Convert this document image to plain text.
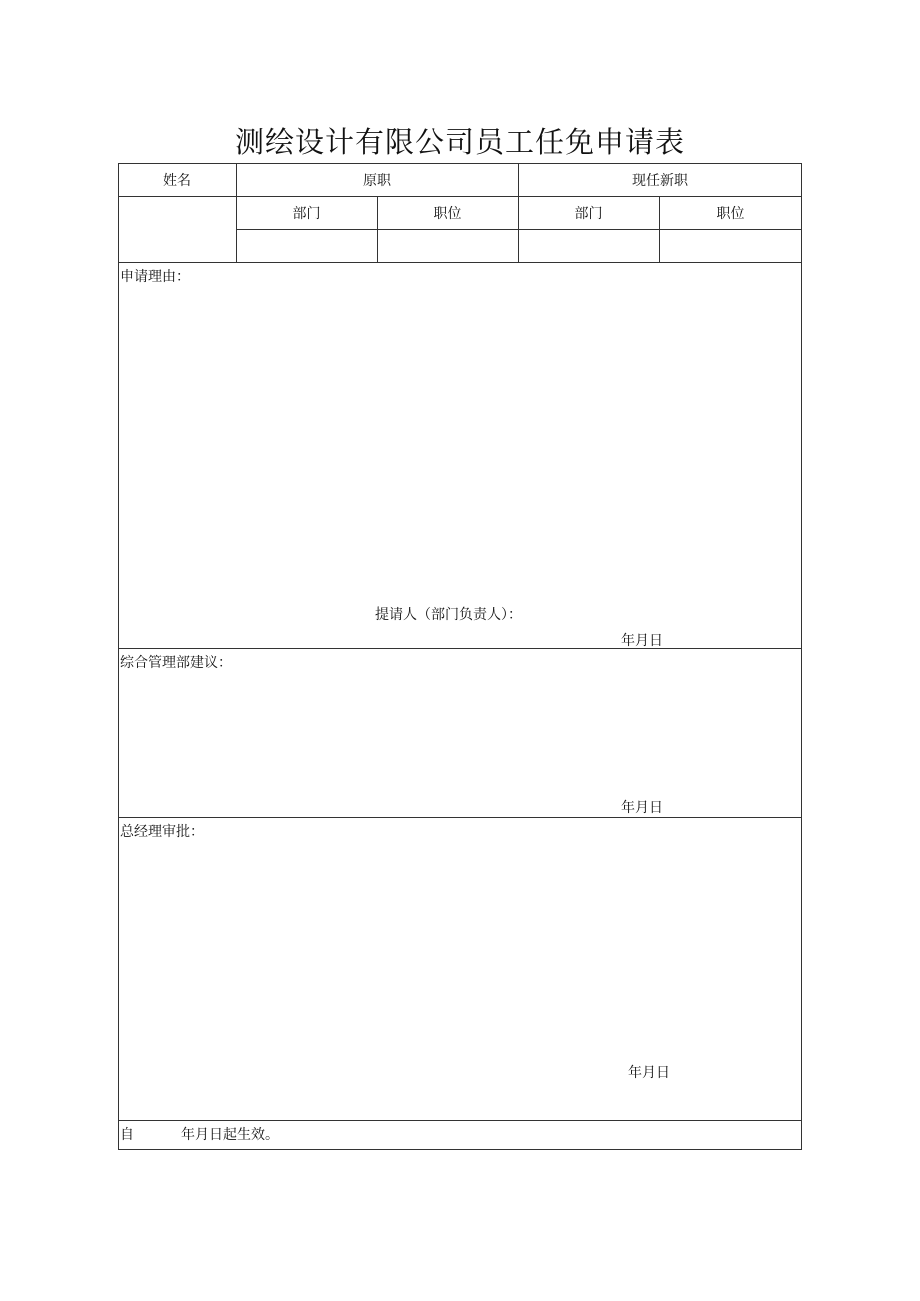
测绘设计有限公司员工任免申请表
姓名	原职	现任新职
部门	职位	部门	职位
申请理由：
提请人（部门负责人）：
年月日
综合管理部建议：
年月日
总经理审批：
年月日
自	年月日起生效。
